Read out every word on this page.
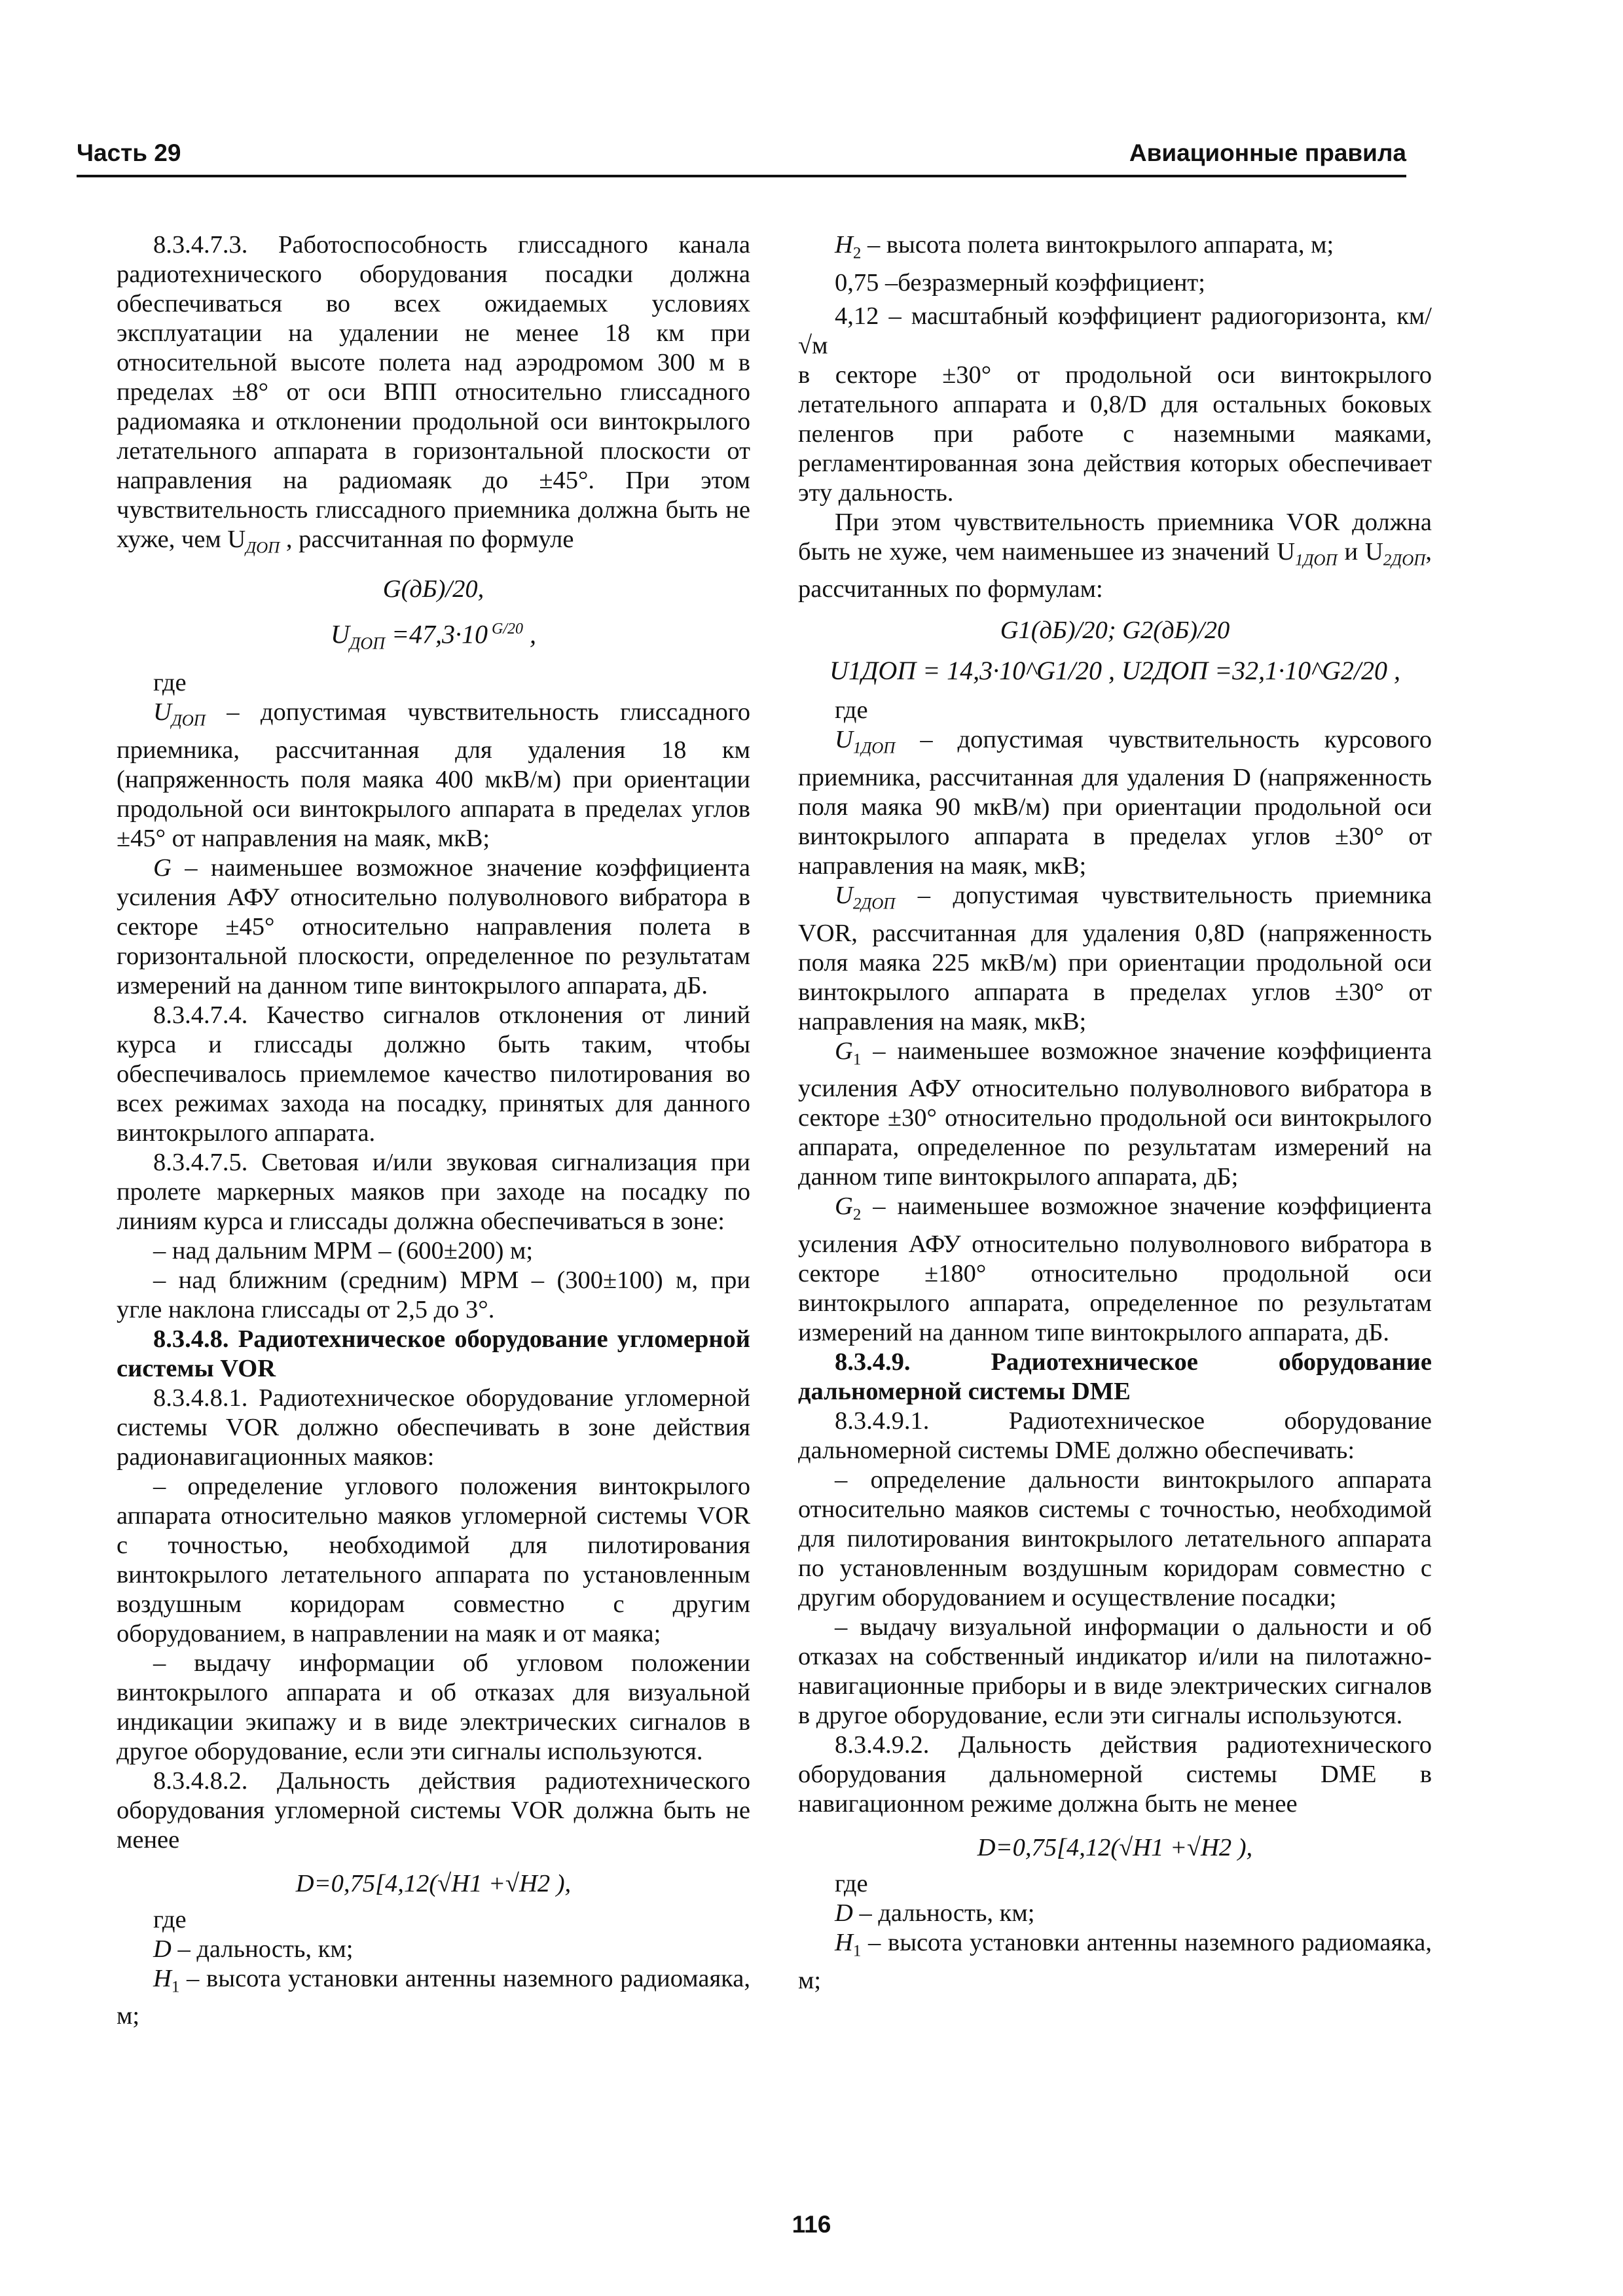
Часть 29	Авиационные правила

8.3.4.7.3. Работоспособность глиссадного канала радиотехнического оборудования посадки должна обеспечиваться во всех ожидаемых условиях эксплуатации на удалении не менее 18 км при относительной высоте полета над аэродромом 300 м в пределах ±8° от оси ВПП относительно глиссадного радиомаяка и отклонении продольной оси винтокрылого летательного аппарата в горизонтальной плоскости от направления на радиомаяк до ±45°. При этом чувствительность глиссадного приемника должна быть не хуже, чем $U_{ДОП}$ , рассчитанная по формуле

G(дБ)/20,

$U_{ДОП} =47,3\cdot 10$ $^{G/20}$ ,

где

$U_{ДОП}$ – допустимая чувствительность глиссадного приемника, рассчитанная для удаления 18 км (напряженность поля маяка 400 мкВ/м) при ориентации продольной оси винтокрылого аппарата в пределах углов ±45° от направления на маяк, мкВ;

G – наименьшее возможное значение коэффициента усиления АФУ относительно полуволнового вибратора в секторе ±45° относительно направления полета в горизонтальной плоскости, определенное по результатам измерений на данном типе винтокрылого аппарата, дБ.

8.3.4.7.4. Качество сигналов отклонения от линий курса и глиссады должно быть таким, чтобы обеспечивалось приемлемое качество пилотирования во всех режимах захода на посадку, принятых для данного винтокрылого аппарата.

8.3.4.7.5. Световая и/или звуковая сигнализация при пролете маркерных маяков при заходе на посадку по линиям курса и глиссады должна обеспечиваться в зоне:

– над дальним МРМ – (600±200) м;

– над ближним (средним) МРМ – (300±100) м, при угле наклона глиссады от 2,5 до 3°.

8.3.4.8. Радиотехническое оборудование угломерной системы VOR

8.3.4.8.1. Радиотехническое оборудование угломерной системы VOR должно обеспечивать в зоне действия радионавигационных маяков:

– определение углового положения винтокрылого аппарата относительно маяков угломерной системы VOR с точностью, необходимой для пилотирования винтокрылого летательного аппарата по установленным воздушным коридорам совместно с другим оборудованием, в направлении на маяк и от маяка;

– выдачу информации об угловом положении винтокрылого аппарата и об отказах для визуальной индикации экипажу и в виде электрических сигналов в другое оборудование, если эти сигналы используются.

8.3.4.8.2. Дальность действия радиотехнического оборудования угломерной системы VOR должна быть не менее

D=0,75[4,12(√H1 +√H2 ),

где

D – дальность, км;

$H_1$ – высота установки антенны наземного радиомаяка, м;

$H_2$ – высота полета винтокрылого аппарата, м;

0,75 –безразмерный коэффициент;

4,12 – масштабный коэффициент радиогоризонта, км/√м

в секторе ±30° от продольной оси винтокрылого летательного аппарата и 0,8/D для остальных боковых пеленгов при работе с наземными маяками, регламентированная зона действия которых обеспечивает эту дальность.

При этом чувствительность приемника VOR должна быть не хуже, чем наименьшее из значений $U_{1ДОП}$ и $U_{2ДОП}$, рассчитанных по формулам:

G1(дБ)/20; G2(дБ)/20

U1ДОП = 14,3·10^G1/20 , U2ДОП =32,1·10^G2/20 ,

где

$U_{1ДОП}$ – допустимая чувствительность курсового приемника, рассчитанная для удаления D (напряженность поля маяка 90 мкВ/м) при ориентации продольной оси винтокрылого аппарата в пределах углов ±30° от направления на маяк, мкВ;

$U_{2ДОП}$ – допустимая чувствительность приемника VOR, рассчитанная для удаления 0,8D (напряженность поля маяка 225 мкВ/м) при ориентации продольной оси винтокрылого аппарата в пределах углов ±30° от направления на маяк, мкВ;

$G_1$ – наименьшее возможное значение коэффициента усиления АФУ относительно полуволнового вибратора в секторе ±30° относительно продольной оси винтокрылого аппарата, определенное по результатам измерений на данном типе винтокрылого аппарата, дБ;

$G_2$ – наименьшее возможное значение коэффициента усиления АФУ относительно полуволнового вибратора в секторе ±180° относительно продольной оси винтокрылого аппарата, определенное по результатам измерений на данном типе винтокрылого аппарата, дБ.

8.3.4.9. Радиотехническое оборудование дальномерной системы DME

8.3.4.9.1. Радиотехническое оборудование дальномерной системы DME должно обеспечивать:

– определение дальности винтокрылого аппарата относительно маяков системы с точностью, необходимой для пилотирования винтокрылого летательного аппарата по установленным воздушным коридорам совместно с другим оборудованием и осуществление посадки;

– выдачу визуальной информации о дальности и об отказах на собственный индикатор и/или на пилотажно-навигационные приборы и в виде электрических сигналов в другое оборудование, если эти сигналы используются.

8.3.4.9.2. Дальность действия радиотехнического оборудования дальномерной системы DME в навигационном режиме должна быть не менее

D=0,75[4,12(√H1 +√H2 ),

где

D – дальность, км;

$H_1$ – высота установки антенны наземного радиомаяка, м;

116
